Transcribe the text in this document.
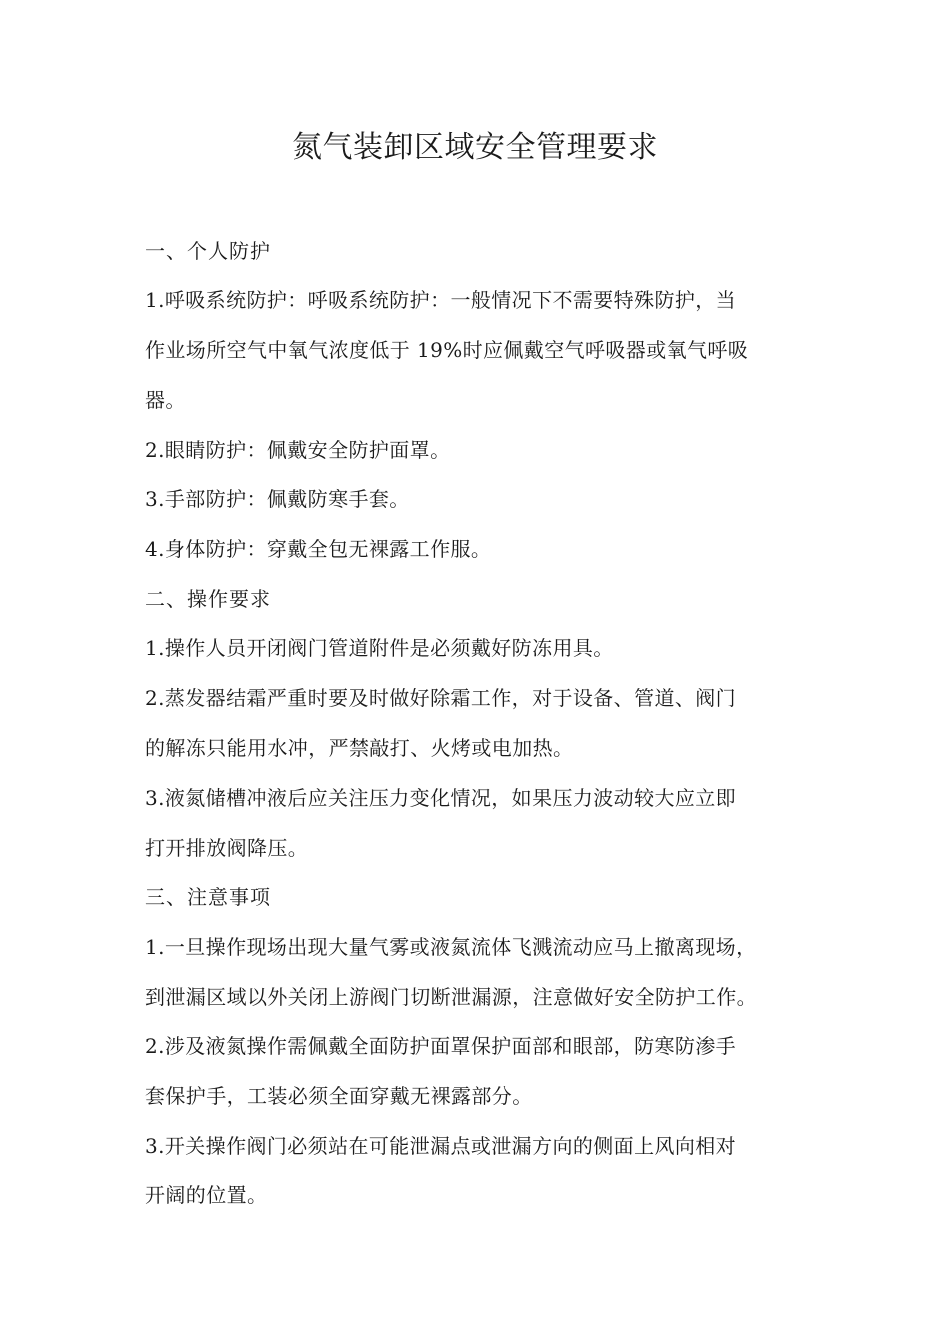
氮气装卸区域安全管理要求
一、个人防护
1.呼吸系统防护：呼吸系统防护：一般情况下不需要特殊防护，当
作业场所空气中氧气浓度低于 19%时应佩戴空气呼吸器或氧气呼吸
器。
2.眼睛防护：佩戴安全防护面罩。
3.手部防护：佩戴防寒手套。
4.身体防护：穿戴全包无裸露工作服。
二、操作要求
1.操作人员开闭阀门管道附件是必须戴好防冻用具。
2.蒸发器结霜严重时要及时做好除霜工作，对于设备、管道、阀门
的解冻只能用水冲，严禁敲打、火烤或电加热。
3.液氮储槽冲液后应关注压力变化情况，如果压力波动较大应立即
打开排放阀降压。
三、注意事项
1.一旦操作现场出现大量气雾或液氮流体飞溅流动应马上撤离现场，
到泄漏区域以外关闭上游阀门切断泄漏源，注意做好安全防护工作。
2.涉及液氮操作需佩戴全面防护面罩保护面部和眼部，防寒防渗手
套保护手，工装必须全面穿戴无裸露部分。
3.开关操作阀门必须站在可能泄漏点或泄漏方向的侧面上风向相对
开阔的位置。
